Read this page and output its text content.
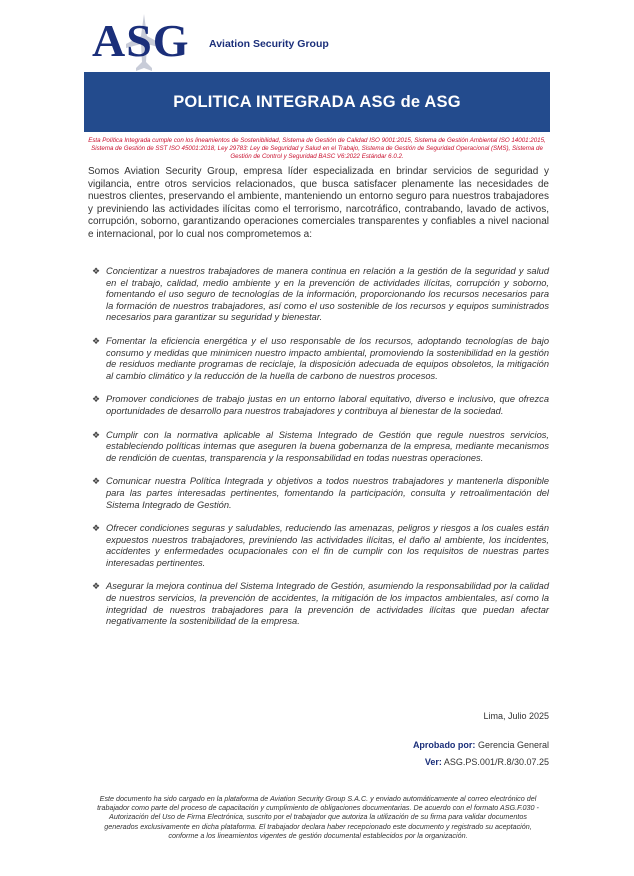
ASG Aviation Security Group
POLITICA INTEGRADA ASG de ASG
Esta Política Integrada cumple con los lineamientos de Sostenibilidad, Sistema de Gestión de Calidad ISO 9001:2015, Sistema de Gestión Ambiental ISO 14001:2015, Sistema de Gestión de SST ISO 45001:2018, Ley 29783: Ley de Seguridad y Salud en el Trabajo, Sistema de Gestión de Seguridad Operacional (SMS), Sistema de Gestión de Control y Seguridad BASC V6:2022 Estándar 6.0.2.
Somos Aviation Security Group, empresa líder especializada en brindar servicios de seguridad y vigilancia, entre otros servicios relacionados, que busca satisfacer plenamente las necesidades de nuestros clientes, preservando el ambiente, manteniendo un entorno seguro para nuestros trabajadores y previniendo las actividades ilícitas como el terrorismo, narcotráfico, contrabando, lavado de activos, corrupción, soborno, garantizando operaciones comerciales transparentes y confiables a nivel nacional e internacional, por lo cual nos comprometemos a:
❖ Concientizar a nuestros trabajadores de manera continua en relación a la gestión de la seguridad y salud en el trabajo, calidad, medio ambiente y en la prevención de actividades ilícitas, corrupción y soborno, fomentando el uso seguro de tecnologías de la información, proporcionando los recursos necesarios para la formación de nuestros trabajadores, así como el uso sostenible de los recursos y equipos suministrados necesarios para garantizar su seguridad y bienestar.
❖ Fomentar la eficiencia energética y el uso responsable de los recursos, adoptando tecnologías de bajo consumo y medidas que minimicen nuestro impacto ambiental, promoviendo la sostenibilidad en la gestión de residuos mediante programas de reciclaje, la disposición adecuada de equipos obsoletos, la mitigación al cambio climático y la reducción de la huella de carbono de nuestros procesos.
❖ Promover condiciones de trabajo justas en un entorno laboral equitativo, diverso e inclusivo, que ofrezca oportunidades de desarrollo para nuestros trabajadores y contribuya al bienestar de la sociedad.
❖ Cumplir con la normativa aplicable al Sistema Integrado de Gestión que regule nuestros servicios, estableciendo políticas internas que aseguren la buena gobernanza de la empresa, mediante mecanismos de rendición de cuentas, transparencia y la responsabilidad en todas nuestras operaciones.
❖ Comunicar nuestra Política Integrada y objetivos a todos nuestros trabajadores y mantenerla disponible para las partes interesadas pertinentes, fomentando la participación, consulta y retroalimentación del Sistema Integrado de Gestión.
❖ Ofrecer condiciones seguras y saludables, reduciendo las amenazas, peligros y riesgos a los cuales están expuestos nuestros trabajadores, previniendo las actividades ilícitas, el daño al ambiente, los incidentes, accidentes y enfermedades ocupacionales con el fin de cumplir con los requisitos de nuestras partes interesadas pertinentes.
❖ Asegurar la mejora continua del Sistema Integrado de Gestión, asumiendo la responsabilidad por la calidad de nuestros servicios, la prevención de accidentes, la mitigación de los impactos ambientales, así como la integridad de nuestros trabajadores para la prevención de actividades ilícitas que puedan afectar negativamente la sostenibilidad de la empresa.
Lima, Julio 2025
Aprobado por: Gerencia General
Ver: ASG.PS.001/R.8/30.07.25
Este documento ha sido cargado en la plataforma de Aviation Security Group S.A.C. y enviado automáticamente al correo electrónico del trabajador como parte del proceso de capacitación y cumplimiento de obligaciones documentarias. De acuerdo con el formato ASG.F.030 - Autorización del Uso de Firma Electrónica, suscrito por el trabajador que autoriza la utilización de su firma para validar documentos generados exclusivamente en dicha plataforma. El trabajador declara haber recepcionado este documento y registrado su aceptación, conforme a los lineamientos vigentes de gestión documental establecidos por la organización.
